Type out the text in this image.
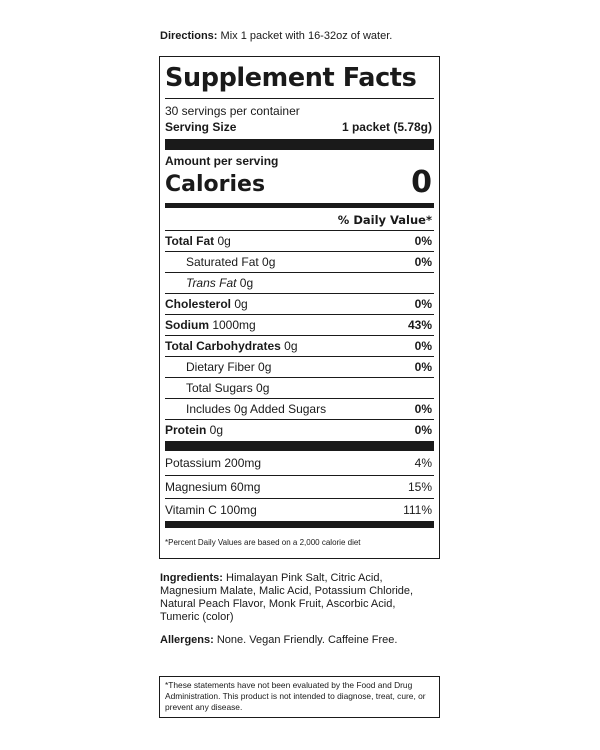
Directions: Mix 1 packet with 16-32oz of water.
Supplement Facts
30 servings per container
Serving Size	1 packet (5.78g)
Amount per serving
Calories	0
% Daily Value*
Total Fat 0g	0%
Saturated Fat 0g	0%
Trans Fat 0g
Cholesterol 0g	0%
Sodium 1000mg	43%
Total Carbohydrates 0g	0%
Dietary Fiber 0g	0%
Total Sugars 0g
Includes 0g Added Sugars	0%
Protein 0g	0%
Potassium 200mg	4%
Magnesium 60mg	15%
Vitamin C 100mg	111%
*Percent Daily Values are based on a 2,000 calorie diet
Ingredients: Himalayan Pink Salt, Citric Acid, Magnesium Malate, Malic Acid, Potassium Chloride, Natural Peach Flavor, Monk Fruit, Ascorbic Acid, Tumeric (color)
Allergens: None. Vegan Friendly. Caffeine Free.
*These statements have not been evaluated by the Food and Drug Administration. This product is not intended to diagnose, treat, cure, or prevent any disease.
